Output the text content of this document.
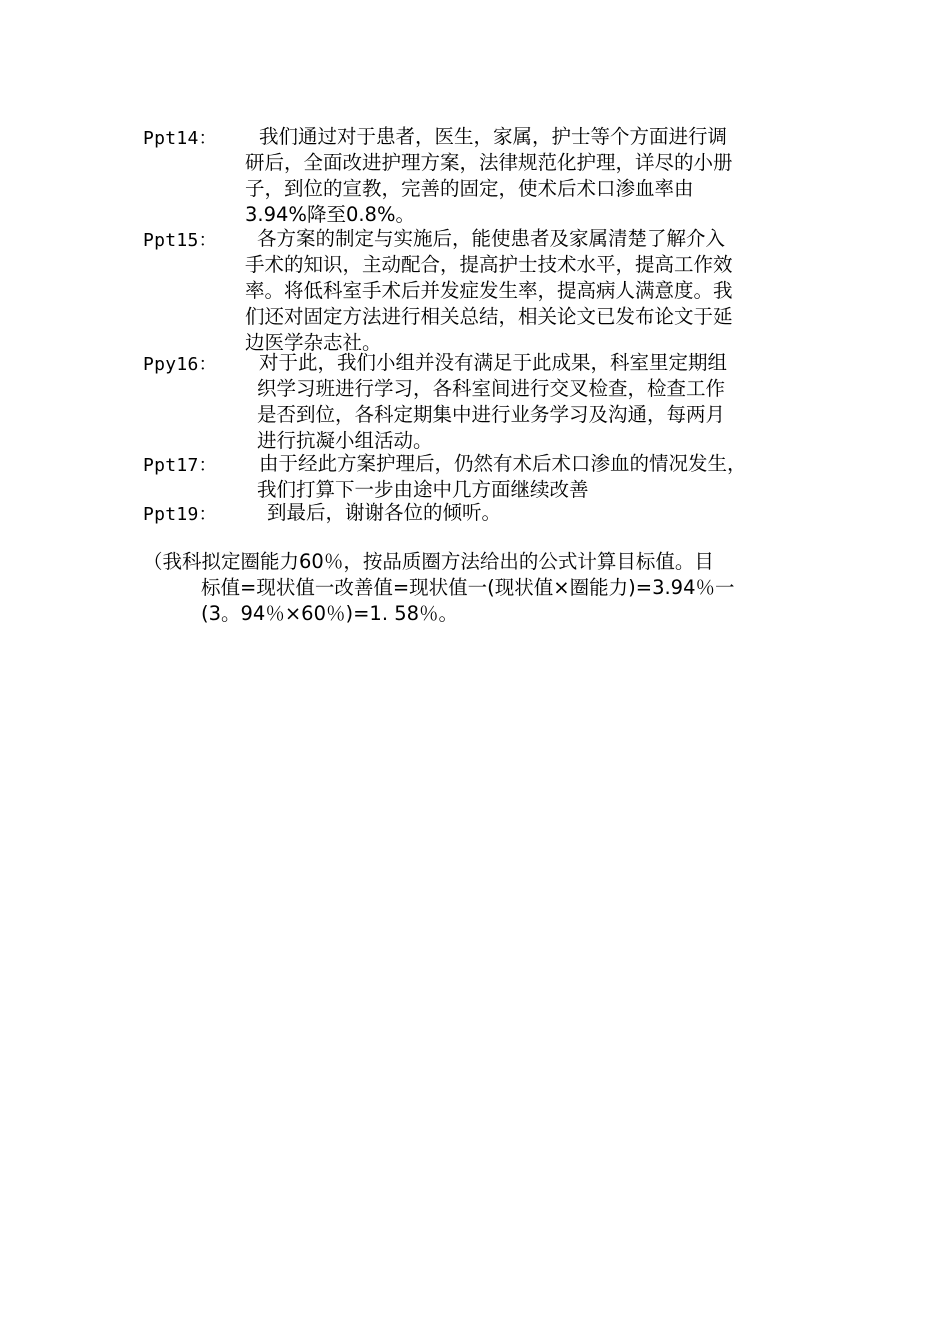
Ppt14： 我们通过对于患者，医生，家属，护士等个方面进行调
研后，全面改进护理方案，法律规范化护理，详尽的小册
子，到位的宣教，完善的固定，使术后术口渗血率由
3.94%降至0.8%。
Ppt15： 各方案的制定与实施后，能使患者及家属清楚了解介入
手术的知识，主动配合，提高护士技术水平，提高工作效
率。将低科室手术后并发症发生率，提高病人满意度。我
们还对固定方法进行相关总结，相关论文已发布论文于延
边医学杂志社。
Ppy16： 对于此，我们小组并没有满足于此成果，科室里定期组
织学习班进行学习，各科室间进行交叉检查，检查工作
是否到位，各科定期集中进行业务学习及沟通，每两月
进行抗凝小组活动。
Ppt17： 由于经此方案护理后，仍然有术后术口渗血的情况发生，
我们打算下一步由途中几方面继续改善
Ppt19：	到最后，谢谢各位的倾听。
（我科拟定圈能力60％，按品质圈方法给出的公式计算目标值。目
标值=现状值一改善值=现状值一(现状值×圈能力)=3.94％一
(3。94％×60％)=1. 58％。
